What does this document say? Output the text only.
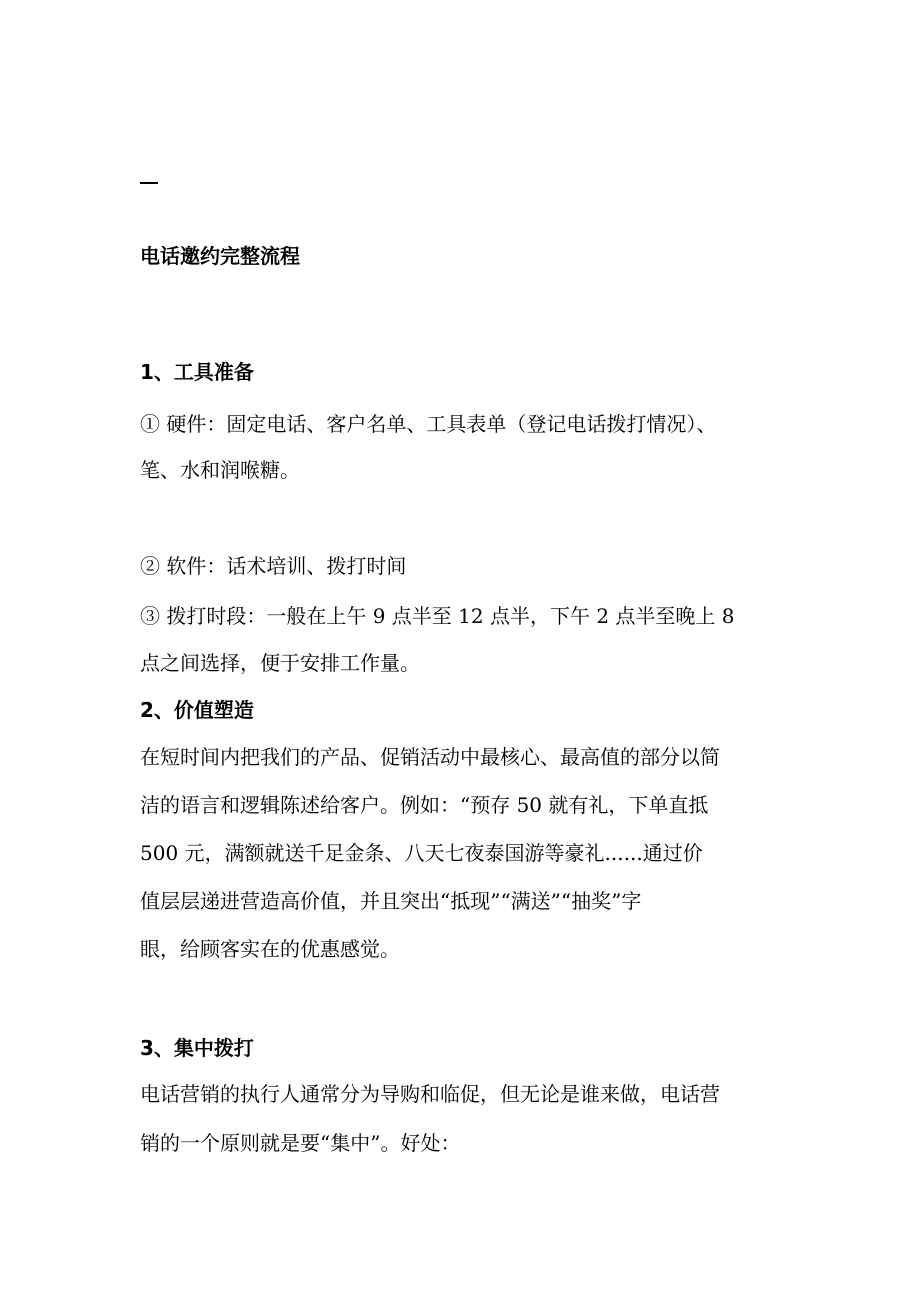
电话邀约完整流程
1、工具准备
① 硬件：固定电话、客户名单、工具表单（登记电话拨打情况）、
笔、水和润喉糖。
② 软件：话术培训、拨打时间
③ 拨打时段：一般在上午 9 点半至 12 点半，下午 2 点半至晚上 8
点之间选择，便于安排工作量。
2、价值塑造
在短时间内把我们的产品、促销活动中最核心、最高值的部分以简
洁的语言和逻辑陈述给客户。例如：“预存 50 就有礼，下单直抵
500 元，满额就送千足金条、八天七夜泰国游等豪礼......通过价
值层层递进营造高价值，并且突出“抵现”“满送”“抽奖”字
眼，给顾客实在的优惠感觉。
3、集中拨打
电话营销的执行人通常分为导购和临促，但无论是谁来做，电话营
销的一个原则就是要“集中”。好处：
